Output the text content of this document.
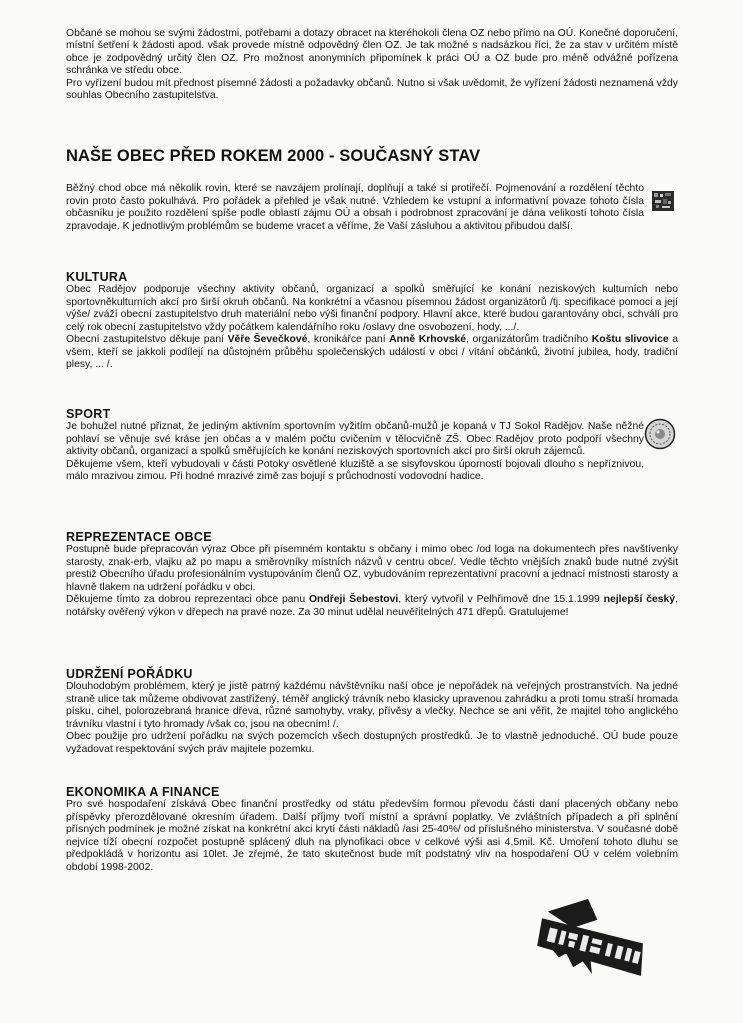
Občané se mohou se svými žádostmi, potřebami a dotazy obracet na kteréhokoli člena OZ nebo přímo na OÚ. Konečné doporučení, místní šetření k žádosti apod. však provede místně odpovědný člen OZ. Je tak možné s nadsázkou říci, že za stav v určitém místě obce je zodpovědný určitý člen OZ. Pro možnost anonymních připomínek k práci OÚ a OZ bude pro méně odvážné pořízena schránka ve středu obce.

Pro vyřízení budou mít přednost písemné žádosti a požadavky občanů. Nutno si však uvědomit, že vyřízení žádosti neznamená vždy souhlas Obecního zastupitelstva.

NAŠE OBEC PŘED ROKEM 2000 - SOUČASNÝ STAV

Běžný chod obce má několik rovin, které se navzájem prolínají, doplňují a také si protiřečí. Pojmenování a rozdělení těchto rovin proto často pokulhává. Pro pořádek a přehled je však nutné. Vzhledem ke vstupní a informativní povaze tohoto čísla občasníku je použito rozdělení spíše podle oblastí zájmu OÚ a obsah i podrobnost zpracování je dána velikostí tohoto čísla zpravodaje. K jednotlivým problémům se budeme vracet a věříme, že Vaší zásluhou a aktivitou přibudou další.

KULTURA

Obec Radějov podporuje všechny aktivity občanů, organizací a spolků směřující ke konání neziskových kulturních nebo sportovněkulturních akcí pro širší okruh občanů. Na konkrétní a včasnou písemnou žádost organizátorů /tj. specifikace pomoci a její výše/ zváží obecní zastupitelstvo druh materiální nebo výši finanční podpory. Hlavní akce, které budou garantovány obcí, schválí pro celý rok obecní zastupitelstvo vždy počátkem kalendářního roku /oslavy dne osvobození, hody, .../.

Obecní zastupitelstvo děkuje paní Věře Ševečkové, kronikářce paní Anně Krhovské, organizátorům tradičního Koštu slivovice a všem, kteří se jakkoli podílejí na důstojném průběhu společenských událostí v obci / vítání občánků, životní jubilea, hody, tradiční plesy, ... /.

SPORT

Je bohužel nutné přiznat, že jediným aktivním sportovním vyžitím občanů-mužů je kopaná v TJ Sokol Radějov. Naše něžné pohlaví se věnuje své kráse jen občas a v malém počtu cvičením v tělocvičně ZŠ. Obec Radějov proto podpoří všechny aktivity občanů, organizací a spolků směřujících ke konání neziskových sportovních akcí pro širší okruh zájemců.

Děkujeme všem, kteří vybudovali v části Potoky osvětlené kluziště a se sisyfovskou úporností bojovali dlouho s nepříznivou, málo mrazivou zimou. Při hodné mrazivé zimě zas bojují s průchodností vodovodní hadice.

REPREZENTACE OBCE

Postupně bude přepracován výraz Obce při písemném kontaktu s občany i mimo obec /od loga na dokumentech přes navštívenky starosty, znak-erb, vlajku až po mapu a směrovníky místních názvů v centru obce/. Vedle těchto vnějších znaků bude nutné zvýšit prestiž Obecního úřadu profesionálním vystupováním členů OZ, vybudováním reprezentativní pracovní a jednací místnosti starosty a hlavně tlakem na udržení pořádku v obci.

Děkujeme tímto za dobrou reprezentaci obce panu Ondřeji Šebestovi, který vytvořil v Pelhřimově dne 15.1.1999 nejlepší český, notářsky ověřený výkon v dřepech na pravé noze. Za 30 minut udělal neuvěřitelných 471 dřepů. Gratulujeme!

UDRŽENÍ POŘÁDKU

Dlouhodobým problémem, který je jistě patrný každému návštěvníku naší obce je nepořádek na veřejných prostranstvích. Na jedné straně ulice tak můžeme obdivovat zastřižený, téměř anglický trávník nebo klasicky upravenou zahrádku a proti tomu straší hromada písku, cihel, polorozebraná hranice dřeva, různé samohyby, vraky, přívěsy a vlečky. Nechce se ani věřit, že majitel toho anglického trávníku vlastní i tyto hromady /však co, jsou na obecním! /.

Obec použije pro udržení pořádku na svých pozemcích všech dostupných prostředků. Je to vlastně jednoduché. OÚ bude pouze vyžadovat respektování svých práv majitele pozemku.

EKONOMIKA A FINANCE

Pro své hospodaření získává Obec finanční prostředky od státu především formou převodu části daní placených občany nebo příspěvky přerozdělované okresním úřadem. Další příjmy tvoří místní a správní poplatky. Ve zvláštních případech a při splnění přísných podmínek je možné získat na konkrétní akci krytí části nákladů /asi 25-40%/ od příslušného ministerstva. V současné době nejvíce tíží obecní rozpočet postupně splácený dluh na plynofikaci obce v celkové výši asi 4,5mil. Kč. Umoření tohoto dluhu se předpokládá v horizontu asi 10let. Je zřejmé, že tato skutečnost bude mít podstatný vliv na hospodaření OÚ v celém volebním období 1998-2002.
